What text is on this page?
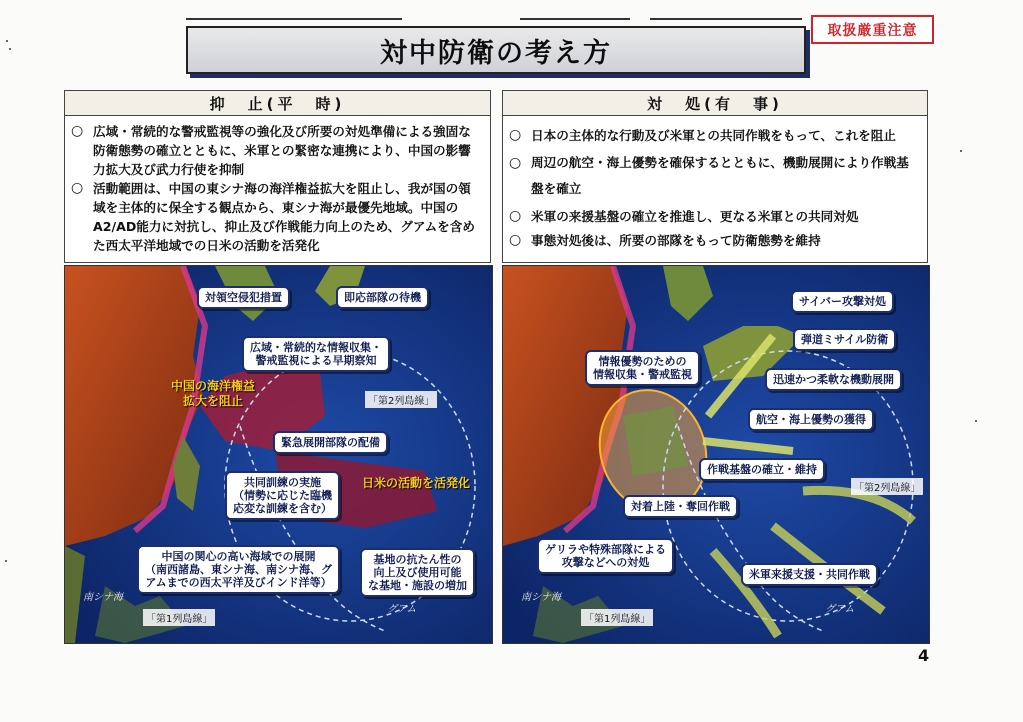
対中防衛の考え方
取扱厳重注意
抑　止(平　時)
○ 広域・常続的な警戒監視等の強化及び所要の対処準備による強固な防衛態勢の確立とともに、米軍との緊密な連携により、中国の影響力拡大及び武力行使を抑制
○ 活動範囲は、中国の東シナ海の海洋権益拡大を阻止し、我が国の領域を主体的に保全する観点から、東シナ海が最優先地域。中国のA2/AD能力に対抗し、抑止及び作戦能力向上のため、グアムを含めた西太平洋地域での日米の活動を活発化
対　処(有　事)
○ 日本の主体的な行動及び米軍との共同作戦をもって、これを阻止
○ 周辺の航空・海上優勢を確保するとともに、機動展開により作戦基盤を確立
○ 米軍の来援基盤の確立を推進し、更なる米軍との共同対処
○ 事態対処後は、所要の部隊をもって防衛態勢を維持
対領空侵犯措置	即応部隊の待機
広域・常続的な情報収集・
警戒監視による早期察知
中国の海洋権益
拡大を阻止	「第2列島線」
緊急展開部隊の配備
日米の活動を活発化
共同訓練の実施
（情勢に応じた臨機
応変な訓練を含む）
中国の関心の高い海域での展開
（南西諸島、東シナ海、南シナ海、グ
アムまでの西太平洋及びインド洋等）
基地の抗たん性の
向上及び使用可能
な基地・施設の増加
南シナ海
グアム
「第1列島線」
サイバー攻撃対処
弾道ミサイル防衛
情報優勢のための
情報収集・警戒監視	迅速かつ柔軟な機動展開
航空・海上優勢の獲得
作戦基盤の確立・維持
「第2列島線」
対着上陸・奪回作戦
ゲリラや特殊部隊による
攻撃などへの対処
米軍来援支援・共同作戦
南シナ海
グアム
「第1列島線」
4
